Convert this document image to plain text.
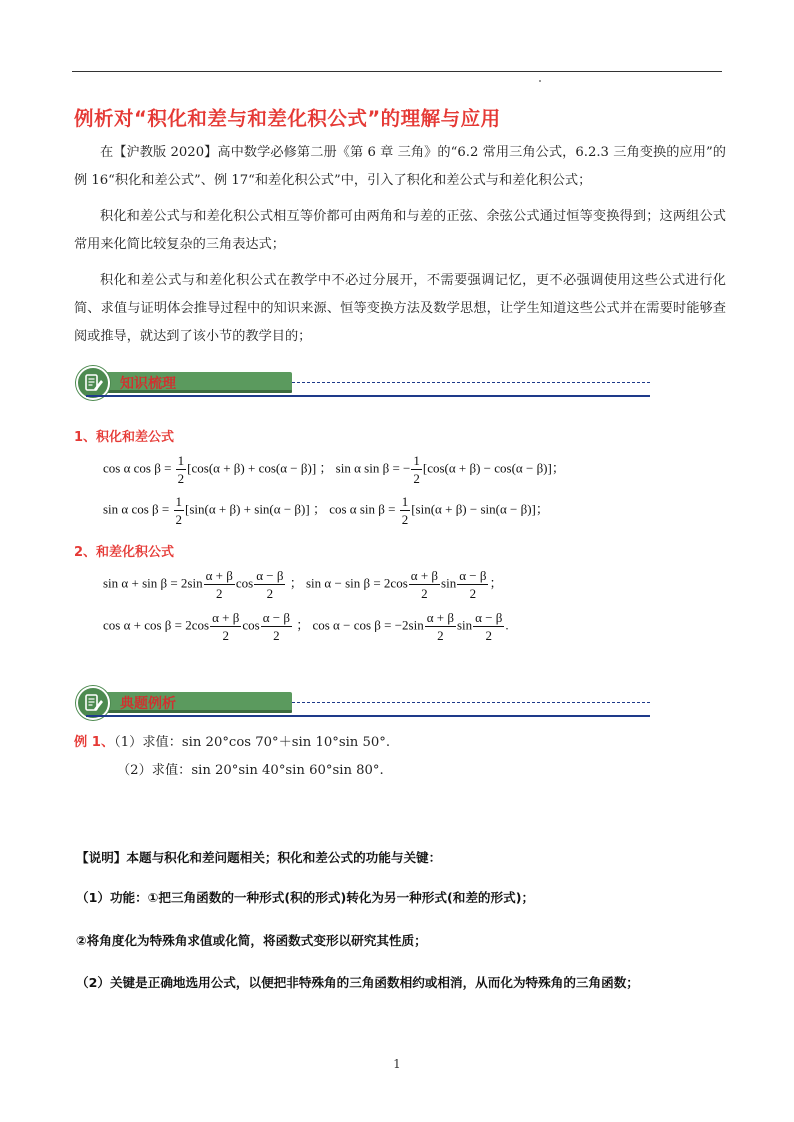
例析对“积化和差与和差化积公式”的理解与应用
在【沪教版 2020】高中数学必修第二册《第 6 章 三角》的“6.2 常用三角公式，6.2.3 三角变换的应用”的例 16“积化和差公式”、例 17“和差化积公式”中，引入了积化和差公式与和差化积公式；
积化和差公式与和差化积公式相互等价都可由两角和与差的正弦、余弦公式通过恒等变换得到；这两组公式常用来化简比较复杂的三角表达式；
积化和差公式与和差化积公式在教学中不必过分展开，不需要强调记忆，更不必强调使用这些公式进行化简、求值与证明体会推导过程中的知识来源、恒等变换方法及数学思想，让学生知道这些公式并在需要时能够查阅或推导，就达到了该小节的教学目的；
知识梳理
1、积化和差公式
cos α $\cos \beta = \frac{1}{2} [\cos(\alpha + \beta) + \cos(\alpha - \beta)]$ ； sin α sin β = − $\frac{1}{2} [\cos(\alpha + \beta) - \cos(\alpha - \beta)]$；
sin α $\cos \beta = \frac{1}{2} [\sin(\alpha + \beta) + \sin(\alpha - \beta)]$ ； cos α $\sin \beta = \frac{1}{2} [\sin(\alpha + \beta) - \sin(\alpha - \beta)]$；
2、和差化积公式
$\sin \alpha + \sin \beta = 2\sin \frac{\alpha + \beta}{2}$ $\cos \frac{\alpha - \beta}{2}$ ； $\sin \alpha - \sin \beta = 2\cos \frac{\alpha + \beta}{2}$ $\sin \frac{\alpha - \beta}{2}$ ；
$\cos \alpha + \cos \beta = 2\cos \frac{\alpha + \beta}{2}$ $\cos \frac{\alpha - \beta}{2}$ ； $\cos \alpha - \cos \beta = -2\sin \frac{\alpha + \beta}{2}$ $\sin \frac{\alpha - \beta}{2}$ .
典题例析
例 1、（1）求值：sin 20°cos 70°＋sin 10°sin 50°.
（2）求值：sin 20°sin 40°sin 60°sin 80°.
【说明】本题与积化和差问题相关；积化和差公式的功能与关键：
（1）功能：①把三角函数的一种形式(积的形式)转化为另一种形式(和差的形式)；
②将角度化为特殊角求值或化简，将函数式变形以研究其性质；
（2）关键是正确地选用公式，以便把非特殊角的三角函数相约或相消，从而化为特殊角的三角函数；
1
